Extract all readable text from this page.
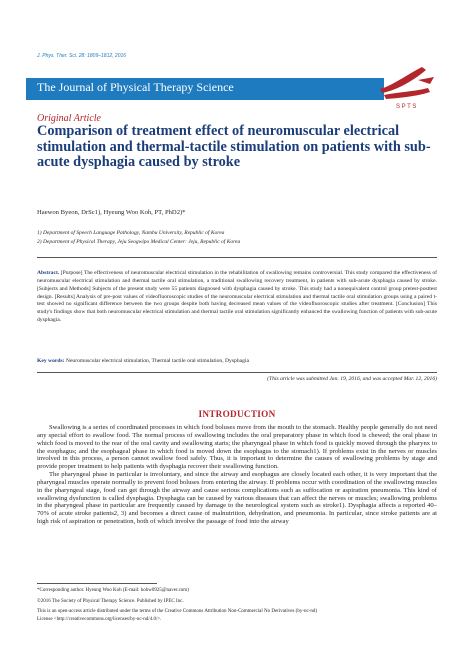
J. Phys. Ther. Sci. 28: 1809–1812, 2016
The Journal of Physical Therapy Science
S P T S
Original Article
Comparison of treatment effect of neuromuscular electrical stimulation and thermal-tactile stimulation on patients with sub-acute dysphagia caused by stroke
Haewon Byeon, DrSc1), Hyeung Woo Koh, PT, PhD2)*
1) Department of Speech Language Pathology, Nambu University, Republic of Korea
2) Department of Physical Therapy, Jeju Seogwipo Medical Center: Jeju, Republic of Korea

Abstract. [Purpose] The effectiveness of neuromuscular electrical stimulation in the rehabilitation of swallowing remains controversial. This study compared the effectiveness of neuromuscular electrical stimulation and thermal tactile oral stimulation, a traditional swallowing recovery treatment, in patients with sub-acute dysphagia caused by stroke. [Subjects and Methods] Subjects of the present study were 55 patients diagnosed with dysphagia caused by stroke. This study had a nonequivalent control group pretest-posttest design. [Results] Analysis of pre-post values of videofluoroscopic studies of the neuromuscular electrical stimulation and thermal tactile oral stimulation groups using a paired t-test showed no significant difference between the two groups despite both having decreased mean values of the videofluoroscopic studies after treatment. [Conclusion] This study's findings show that both neuromuscular electrical stimulation and thermal tactile oral stimulation significantly enhanced the swallowing function of patients with sub-acute dysphagia.

Key words: Neuromuscular electrical stimulation, Thermal tactile oral stimulation, Dysphagia

(This article was submitted Jan. 19, 2016, and was accepted Mar. 12, 2016)
INTRODUCTION

Swallowing is a series of coordinated processes in which food boluses move from the mouth to the stomach. Healthy people generally do not need any special effort to swallow food. The normal process of swallowing includes the oral preparatory phase in which food is chewed; the oral phase in which food is moved to the rear of the oral cavity and swallowing starts; the pharyngeal phase in which food is quickly moved through the pharynx to the esophagus; and the esophageal phase in which food is moved down the esophagus to the stomach1). If problems exist in the nerves or muscles involved in this process, a person cannot swallow food safely. Thus, it is important to determine the causes of swallowing problems by stage and provide proper treatment to help patients with dysphagia recover their swallowing function.

The pharyngeal phase in particular is involuntary, and since the airway and esophagus are closely located each other, it is very important that the pharyngeal muscles operate normally to prevent food boluses from entering the airway. If problems occur with coordination of the swallowing muscles in the pharyngeal stage, food can get through the airway and cause serious complications such as suffocation or aspiration pneumonia. This kind of swallowing dysfunction is called dysphagia. Dysphagia can be caused by various diseases that can affect the nerves or muscles; swallowing problems in the pharyngeal phase in particular are frequently caused by damage to the neurological system such as stroke1). Dysphagia affects a reported 40–70% of acute stroke patients2, 3) and becomes a direct cause of malnutrition, dehydration, and pneumonia. In particular, since stroke patients are at high risk of aspiration or penetration, both of which involve the passage of food into the airway

*Corresponding author. Hyeung Woo Koh (E-mail: kohw0925@naver.com)
©2016 The Society of Physical Therapy Science. Published by IPEC Inc.
This is an open-access article distributed under the terms of the Creative Commons Attribution Non-Commercial No Derivatives (by-nc-nd)
License <http://creativecommons.org/licenses/by-nc-nd/4.0/>.
